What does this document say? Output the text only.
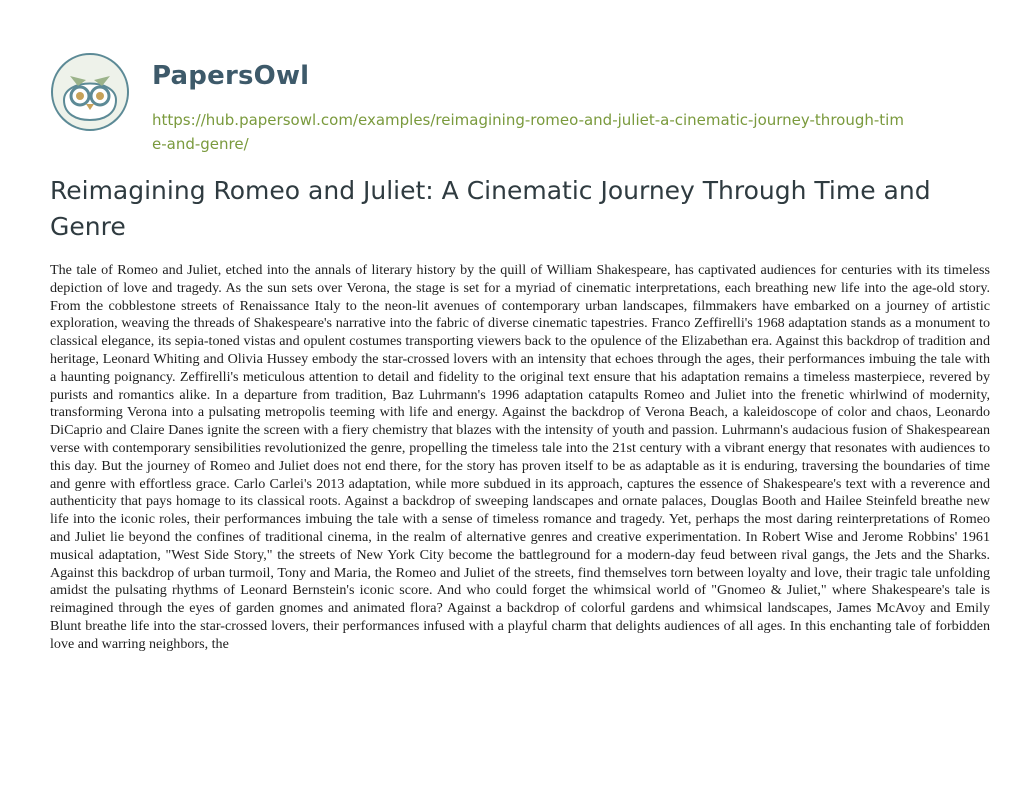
PapersOwl
https://hub.papersowl.com/examples/reimagining-romeo-and-juliet-a-cinematic-journey-through-time-and-genre/
Reimagining Romeo and Juliet: A Cinematic Journey Through Time and Genre

The tale of Romeo and Juliet, etched into the annals of literary history by the quill of William Shakespeare, has captivated audiences for centuries with its timeless depiction of love and tragedy. As the sun sets over Verona, the stage is set for a myriad of cinematic interpretations, each breathing new life into the age-old story. From the cobblestone streets of Renaissance Italy to the neon-lit avenues of contemporary urban landscapes, filmmakers have embarked on a journey of artistic exploration, weaving the threads of Shakespeare's narrative into the fabric of diverse cinematic tapestries. Franco Zeffirelli's 1968 adaptation stands as a monument to classical elegance, its sepia-toned vistas and opulent costumes transporting viewers back to the opulence of the Elizabethan era. Against this backdrop of tradition and heritage, Leonard Whiting and Olivia Hussey embody the star-crossed lovers with an intensity that echoes through the ages, their performances imbuing the tale with a haunting poignancy. Zeffirelli's meticulous attention to detail and fidelity to the original text ensure that his adaptation remains a timeless masterpiece, revered by purists and romantics alike. In a departure from tradition, Baz Luhrmann's 1996 adaptation catapults Romeo and Juliet into the frenetic whirlwind of modernity, transforming Verona into a pulsating metropolis teeming with life and energy. Against the backdrop of Verona Beach, a kaleidoscope of color and chaos, Leonardo DiCaprio and Claire Danes ignite the screen with a fiery chemistry that blazes with the intensity of youth and passion. Luhrmann's audacious fusion of Shakespearean verse with contemporary sensibilities revolutionized the genre, propelling the timeless tale into the 21st century with a vibrant energy that resonates with audiences to this day. But the journey of Romeo and Juliet does not end there, for the story has proven itself to be as adaptable as it is enduring, traversing the boundaries of time and genre with effortless grace. Carlo Carlei's 2013 adaptation, while more subdued in its approach, captures the essence of Shakespeare's text with a reverence and authenticity that pays homage to its classical roots. Against a backdrop of sweeping landscapes and ornate palaces, Douglas Booth and Hailee Steinfeld breathe new life into the iconic roles, their performances imbuing the tale with a sense of timeless romance and tragedy. Yet, perhaps the most daring reinterpretations of Romeo and Juliet lie beyond the confines of traditional cinema, in the realm of alternative genres and creative experimentation. In Robert Wise and Jerome Robbins' 1961 musical adaptation, "West Side Story," the streets of New York City become the battleground for a modern-day feud between rival gangs, the Jets and the Sharks. Against this backdrop of urban turmoil, Tony and Maria, the Romeo and Juliet of the streets, find themselves torn between loyalty and love, their tragic tale unfolding amidst the pulsating rhythms of Leonard Bernstein's iconic score. And who could forget the whimsical world of "Gnomeo & Juliet," where Shakespeare's tale is reimagined through the eyes of garden gnomes and animated flora? Against a backdrop of colorful gardens and whimsical landscapes, James McAvoy and Emily Blunt breathe life into the star-crossed lovers, their performances infused with a playful charm that delights audiences of all ages. In this enchanting tale of forbidden love and warring neighbors, the
